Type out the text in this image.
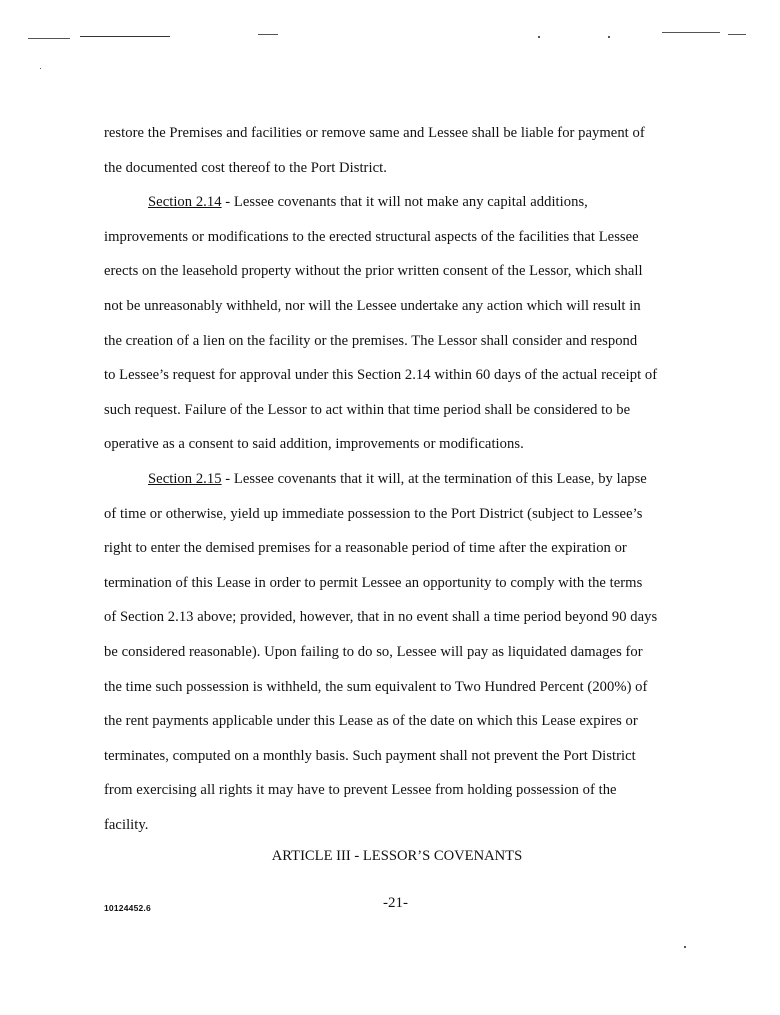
restore the Premises and facilities or remove same and Lessee shall be liable for payment of
the documented cost thereof to the Port District.
Section 2.14 - Lessee covenants that it will not make any capital additions,
improvements or modifications to the erected structural aspects of the facilities that Lessee
erects on the leasehold property without the prior written consent of the Lessor, which shall
not be unreasonably withheld, nor will the Lessee undertake any action which will result in
the creation of a lien on the facility or the premises. The Lessor shall consider and respond
to Lessee’s request for approval under this Section 2.14 within 60 days of the actual receipt of
such request. Failure of the Lessor to act within that time period shall be considered to be
operative as a consent to said addition, improvements or modifications.
Section 2.15 - Lessee covenants that it will, at the termination of this Lease, by lapse
of time or otherwise, yield up immediate possession to the Port District (subject to Lessee’s
right to enter the demised premises for a reasonable period of time after the expiration or
termination of this Lease in order to permit Lessee an opportunity to comply with the terms
of Section 2.13 above; provided, however, that in no event shall a time period beyond 90 days
be considered reasonable). Upon failing to do so, Lessee will pay as liquidated damages for
the time such possession is withheld, the sum equivalent to Two Hundred Percent (200%) of
the rent payments applicable under this Lease as of the date on which this Lease expires or
terminates, computed on a monthly basis. Such payment shall not prevent the Port District
from exercising all rights it may have to prevent Lessee from holding possession of the
facility.
ARTICLE III - LESSOR’S COVENANTS
10124452.6	-21-
